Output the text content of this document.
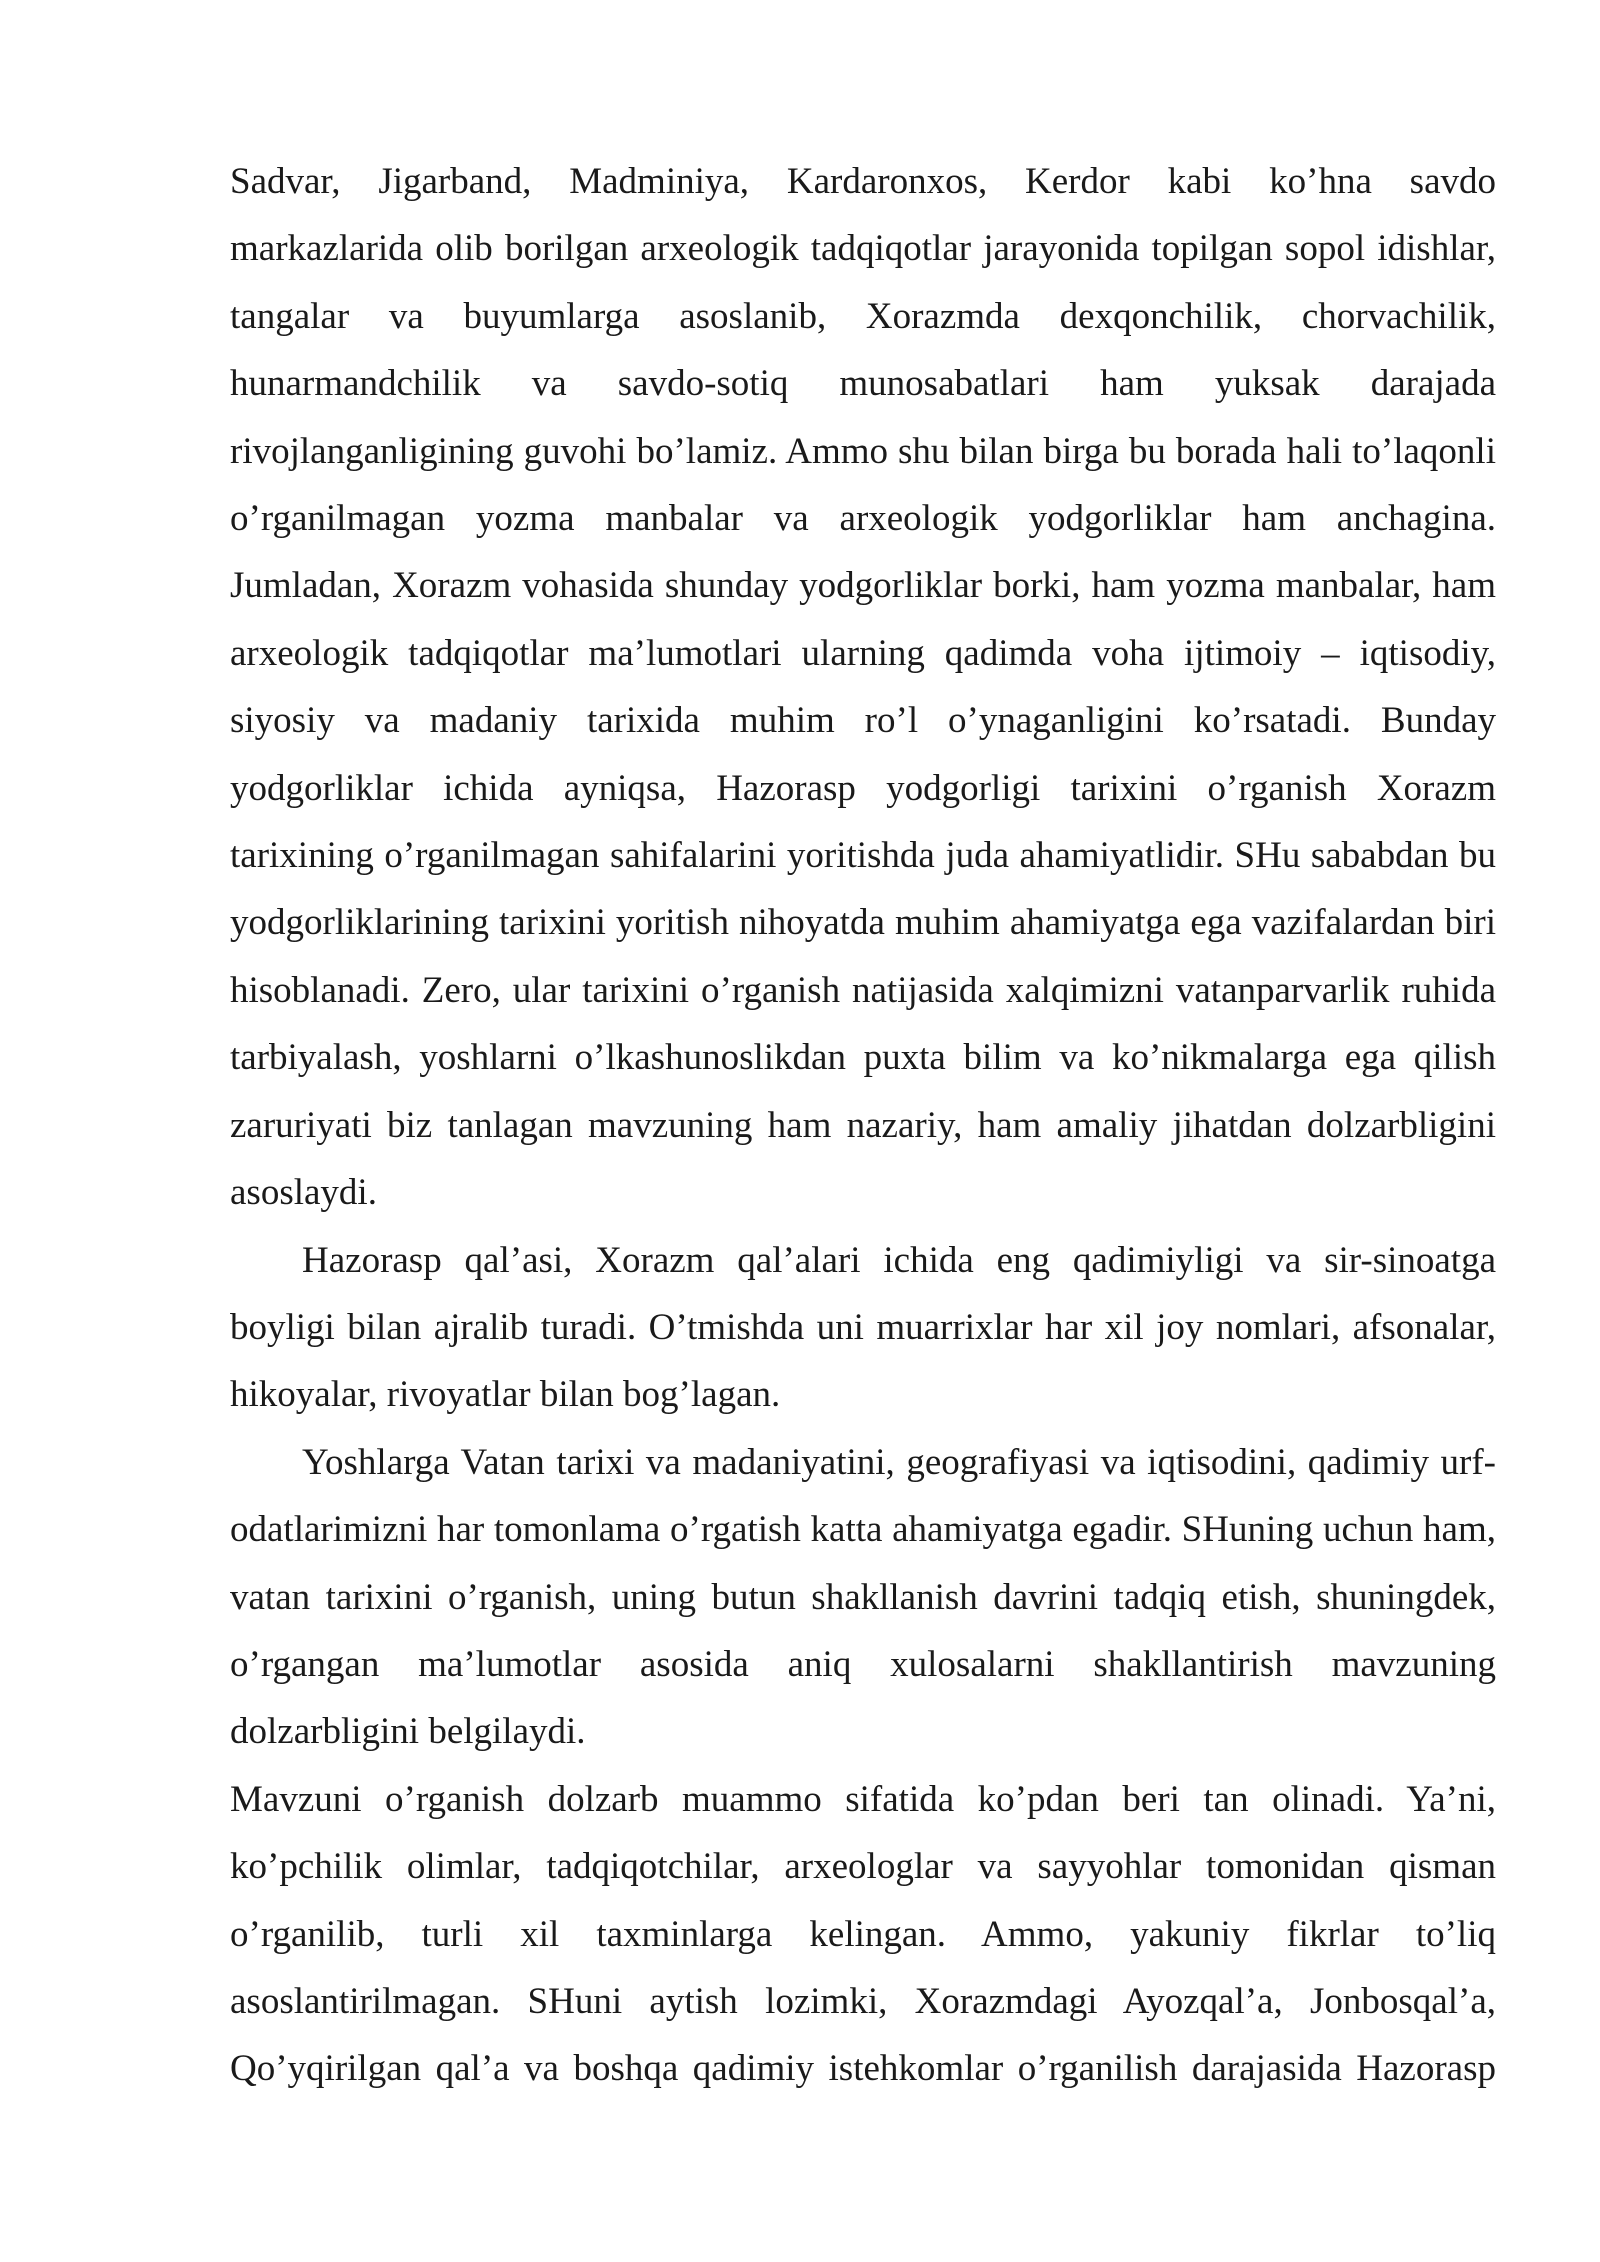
Sadvar, Jigarband, Madminiya, Kardaronxos, Kerdor kabi ko’hna savdo markazlarida olib borilgan arxeologik tadqiqotlar jarayonida topilgan sopol idishlar, tangalar va buyumlarga asoslanib, Xorazmda dexqonchilik, chorvachilik, hunarmandchilik va savdo-sotiq munosabatlari ham yuksak darajada rivojlanganligining guvohi bo’lamiz. Ammo shu bilan birga bu borada hali to’laqonli o’rganilmagan yozma manbalar va arxeologik yodgorliklar ham anchagina. Jumladan, Xorazm vohasida shunday yodgorliklar borki, ham yozma manbalar, ham arxeologik tadqiqotlar ma’lumotlari ularning qadimda voha ijtimoiy – iqtisodiy, siyosiy va madaniy tarixida muhim ro’l o’ynaganligini ko’rsatadi. Bunday yodgorliklar ichida ayniqsa, Hazorasp yodgorligi tarixini o’rganish Xorazm tarixining o’rganilmagan sahifalarini yoritishda juda ahamiyatlidir. SHu sababdan bu yodgorliklarining tarixini yoritish nihoyatda muhim ahamiyatga ega vazifalardan biri hisoblanadi. Zero, ular tarixini o’rganish natijasida xalqimizni vatanparvarlik ruhida tarbiyalash, yoshlarni o’lkashunoslikdan puxta bilim va ko’nikmalarga ega qilish zaruriyati biz tanlagan mavzuning ham nazariy, ham amaliy jihatdan dolzarbligini asoslaydi.

Hazorasp qal’asi, Xorazm qal’alari ichida eng qadimiyligi va sir-sinoatga boyligi bilan ajralib turadi. O’tmishda uni muarrixlar har xil joy nomlari, afsonalar, hikoyalar, rivoyatlar bilan bog’lagan.

Yoshlarga Vatan tarixi va madaniyatini, geografiyasi va iqtisodini, qadimiy urf-odatlarimizni har tomonlama o’rgatish katta ahamiyatga egadir. SHuning uchun ham, vatan tarixini o’rganish, uning butun shakllanish davrini tadqiq etish, shuningdek, o’rgangan ma’lumotlar asosida aniq xulosalarni shakllantirish mavzuning dolzarbligini belgilaydi.

Mavzuni o’rganish dolzarb muammo sifatida ko’pdan beri tan olinadi. Ya’ni, ko’pchilik olimlar, tadqiqotchilar, arxeologlar va sayyohlar tomonidan qisman o’rganilib, turli xil taxminlarga kelingan. Ammo, yakuniy fikrlar to’liq asoslantirilmagan. SHuni aytish lozimki, Xorazmdagi Ayozqal’a, Jonbosqal’a, Qo’yqirilgan qal’a va boshqa qadimiy istehkomlar o’rganilish darajasida Hazorasp
